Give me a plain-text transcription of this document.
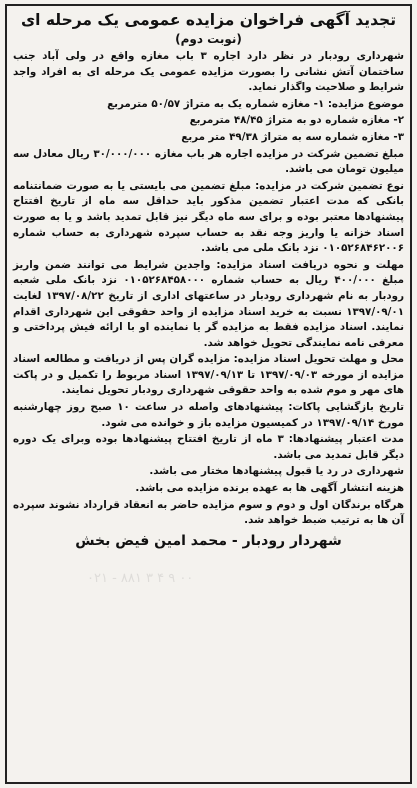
تجدید آگهی فراخوان مزایده عمومی یک مرحله ای
(نوبت دوم)
شهرداری رودبار در نظر دارد اجاره ۳ باب مغازه واقع در ولی آباد جنب ساختمان آتش نشانی را بصورت مزایده عمومی یک مرحله ای به افراد واجد شرایط و صلاحیت واگذار نماید.
موضوع مزایده: ۱- مغازه شماره یک به متراژ ۵۰/۵۷ مترمربع
۲- مغازه شماره دو به متراژ ۴۸/۴۵ مترمربع
۳- مغازه شماره سه به متراژ ۴۹/۳۸ متر مربع
مبلغ تضمین شرکت در مزایده اجاره هر باب مغازه ۳۰/۰۰۰/۰۰۰ ریال معادل سه میلیون تومان می باشد.
نوع تضمین شرکت در مزایده: مبلغ تضمین می بایستی یا به صورت ضمانتنامه بانکی که مدت اعتبار تضمین مذکور باید حداقل سه ماه از تاریخ افتتاح پیشنهادها معتبر بوده و برای سه ماه دیگر نیز قابل تمدید باشد و یا به صورت اسناد خزانه یا واریز وجه نقد به حساب سپرده شهرداری به حساب شماره ۰۱۰۵۲۶۸۴۶۲۰۰۶ نزد بانک ملی می باشد.
مهلت و نحوه دریافت اسناد مزایده: واجدین شرایط می توانند ضمن واریز مبلغ ۴۰۰/۰۰۰ ریال به حساب شماره ۰۱۰۵۲۶۸۴۵۸۰۰۰ نزد بانک ملی شعبه رودبار به نام شهرداری رودبار در ساعتهای اداری از تاریخ ۱۳۹۷/۰۸/۲۲ لغایت ۱۳۹۷/۰۹/۰۱ نسبت به خرید اسناد مزایده از واحد حقوقی این شهرداری اقدام نمایند. اسناد مزایده فقط به مزایده گر یا نماینده او با ارائه فیش پرداختی و معرفی نامه نمایندگی تحویل خواهد شد.
محل و مهلت تحویل اسناد مزایده: مزایده گران پس از دریافت و مطالعه اسناد مزایده از مورخه ۱۳۹۷/۰۹/۰۳ تا ۱۳۹۷/۰۹/۱۳ اسناد مربوط را تکمیل و در پاکت های مهر و موم شده به واحد حقوقی شهرداری رودبار تحویل نمایند.
تاریخ بازگشایی پاکات: پیشنهادهای واصله در ساعت ۱۰ صبح روز چهارشنبه مورخ ۱۳۹۷/۰۹/۱۴ در کمیسیون مزایده باز و خوانده می شود.
مدت اعتبار پیشنهادها: ۳ ماه از تاریخ افتتاح پیشنهادها بوده وبرای یک دوره دیگر قابل تمدید می باشد.
شهرداری در رد یا قبول پیشنهادها مختار می باشد.
هزینه انتشار آگهی ها به عهده برنده مزایده می باشد.
هرگاه برندگان اول و دوم و سوم مزایده حاضر به انعقاد قرارداد نشوند سپرده آن ها به ترتیب ضبط خواهد شد.
شهردار رودبار - محمد امین فیض بخش
۰۲۱ - ۸۸۱ ۳ ۴ ۹ ۰۰
